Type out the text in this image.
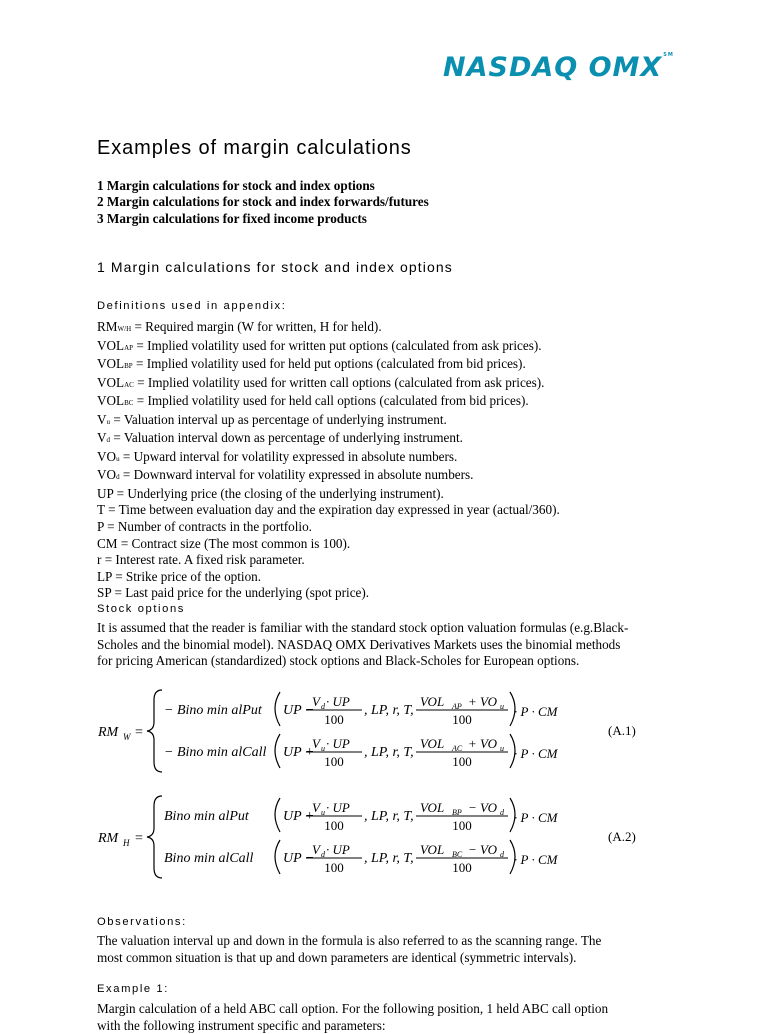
NASDAQ OMX℠
Examples of margin calculations
1 Margin calculations for stock and index options
2 Margin calculations for stock and index forwards/futures
3 Margin calculations for fixed income products
1 Margin calculations for stock and index options
Definitions used in appendix:
RMW/H = Required margin (W for written, H for held).
VOLAP = Implied volatility used for written put options (calculated from ask prices).
VOLBP = Implied volatility used for held put options (calculated from bid prices).
VOLAC = Implied volatility used for written call options (calculated from ask prices).
VOLBC = Implied volatility used for held call options (calculated from bid prices).
Vu = Valuation interval up as percentage of underlying instrument.
Vd = Valuation interval down as percentage of underlying instrument.
VOu = Upward interval for volatility expressed in absolute numbers.
VOd = Downward interval for volatility expressed in absolute numbers.
UP = Underlying price (the closing of the underlying instrument).
T = Time between evaluation day and the expiration day expressed in year (actual/360).
P = Number of contracts in the portfolio.
CM = Contract size (The most common is 100).
r = Interest rate. A fixed risk parameter.
LP = Strike price of the option.
SP = Last paid price for the underlying (spot price).
Stock options
It is assumed that the reader is familiar with the standard stock option valuation formulas (e.g.Black-
Scholes and the binomial model). NASDAQ OMX Derivatives Markets uses the binomial methods
for pricing American (standardized) stock options and Black-Scholes for European options.
RM W =
− Bino min alPut UP −
V d · UP
100
, LP, r, T,
VOL AP + VO u
100
· P · CM
− Bino min alCall UP +
V u · UP
100
, LP, r, T,
VOL AC + VO u
100
· P · CM
(A.1)
RM H =
Bino min alPut UP +
V u · UP
100
, LP, r, T,
VOL BP − VO d
100
· P · CM
Bino min alCall UP −
V d · UP
100
, LP, r, T,
VOL BC − VO d
100
· P · CM
(A.2)
Observations:
The valuation interval up and down in the formula is also referred to as the scanning range. The
most common situation is that up and down parameters are identical (symmetric intervals).
Example 1:
Margin calculation of a held ABC call option. For the following position, 1 held ABC call option
with the following instrument specific and parameters:
